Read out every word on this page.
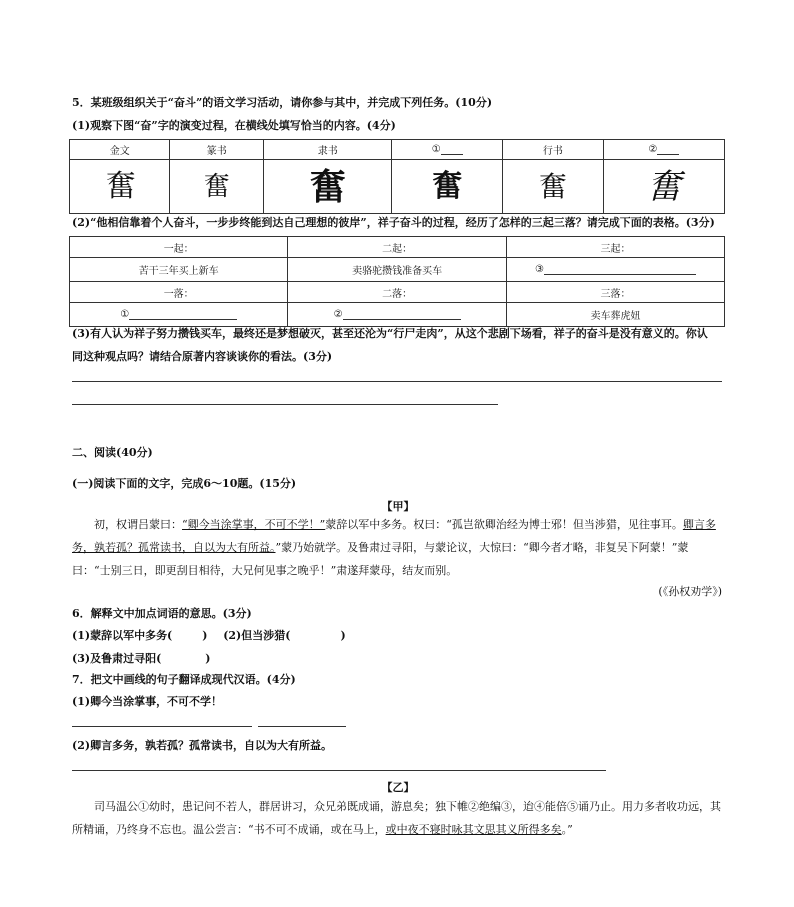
5．某班级组织关于“奋斗”的语文学习活动，请你参与其中，并完成下列任务。(10分)
(1)观察下图“奋”字的演变过程，在横线处填写恰当的内容。(4分)
金文	篆书	隶书	①	行书	②
奮	奮	奮	奮	奮	奮
(2)“他相信靠着个人奋斗，一步步终能到达自己理想的彼岸”，祥子奋斗的过程，经历了怎样的三起三落？请完成下面的表格。(3分)
一起：	二起：	三起：
苦干三年买上新车	卖骆驼攒钱准备买车	③
一落：	二落：	三落：
①	②	卖车葬虎妞
(3)有人认为祥子努力攒钱买车，最终还是梦想破灭，甚至还沦为“行尸走肉”，从这个悲剧下场看，祥子的奋斗是没有意义的。你认
同这种观点吗？请结合原著内容谈谈你的看法。(3分)
二、阅读(40分)
(一)阅读下面的文字，完成6～10题。(15分)
【甲】
初，权谓吕蒙曰：“卿今当涂掌事，不可不学！”蒙辞以军中多务。权曰：“孤岂欲卿治经为博士邪！但当涉猎，见往事耳。卿言多务，孰若孤？孤常读书，自以为大有所益。”蒙乃始就学。及鲁肃过寻阳，与蒙论议，大惊曰：“卿今者才略，非复吴下阿蒙！”蒙曰：“士别三日，即更刮目相待，大兄何见事之晚乎！”肃遂拜蒙母，结友而别。
(《孙权劝学》)
6．解释文中加点词语的意思。(3分)
(1)蒙辞以军中多务(	) (2)但当涉猎(	)
(3)及鲁肃过寻阳(	)
7．把文中画线的句子翻译成现代汉语。(4分)
(1)卿今当涂掌事，不可不学！
(2)卿言多务，孰若孤？孤常读书，自以为大有所益。
【乙】
司马温公①幼时，患记问不若人，群居讲习，众兄弟既成诵，游息矣；独下帷②绝编③，迨④能倍⑤诵乃止。用力多者收功远，其所精诵，乃终身不忘也。温公尝言：“书不可不成诵，或在马上，或中夜不寝时咏其文思其义所得多矣。”
